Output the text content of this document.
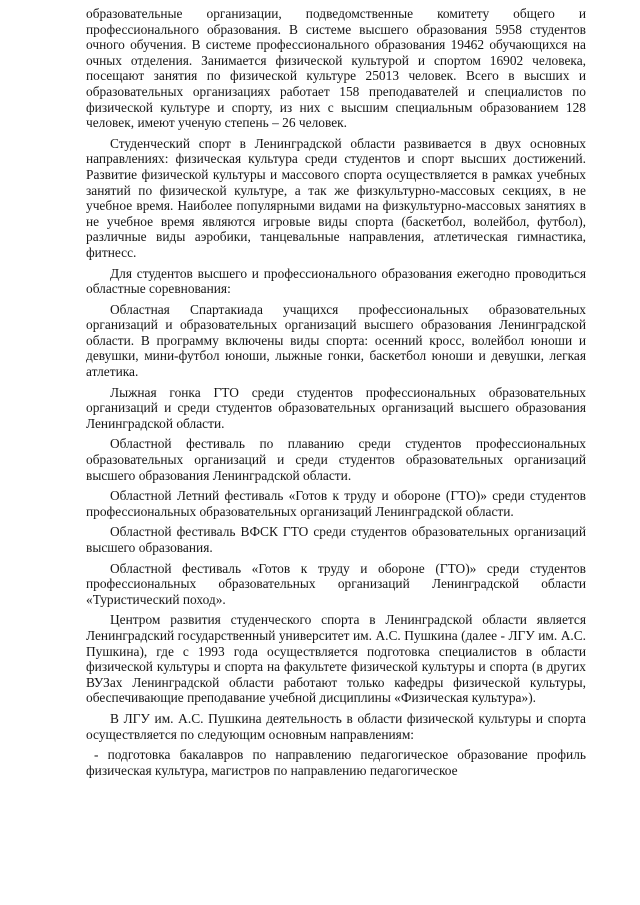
образовательные организации, подведомственные комитету общего и профессионального образования. В системе высшего образования 5958 студентов очного обучения. В системе профессионального образования 19462 обучающихся на очных отделения. Занимается физической культурой и спортом 16902 человека, посещают занятия по физической культуре 25013 человек. Всего в высших и образовательных организациях работает 158 преподавателей и специалистов по физической культуре и спорту, из них с высшим специальным образованием 128 человек, имеют ученую степень – 26 человек.

Студенческий спорт в Ленинградской области развивается в двух основных направлениях: физическая культура среди студентов и спорт высших достижений. Развитие физической культуры и массового спорта осуществляется в рамках учебных занятий по физической культуре, а так же физкультурно-массовых секциях, в не учебное время. Наиболее популярными видами на физкультурно-массовых занятиях в не учебное время являются игровые виды спорта (баскетбол, волейбол, футбол), различные виды аэробики, танцевальные направления, атлетическая гимнастика, фитнесс.

Для студентов высшего и профессионального образования ежегодно проводиться областные соревнования:

Областная Спартакиада учащихся профессиональных образовательных организаций и образовательных организаций высшего образования Ленинградской области. В программу включены виды спорта: осенний кросс, волейбол юноши и девушки, мини-футбол юноши, лыжные гонки, баскетбол юноши и девушки, легкая атлетика.

Лыжная гонка ГТО среди студентов профессиональных образовательных организаций и среди студентов образовательных организаций высшего образования Ленинградской области.

Областной фестиваль по плаванию среди студентов профессиональных образовательных организаций и среди студентов образовательных организаций высшего образования Ленинградской области.

Областной Летний фестиваль «Готов к труду и обороне (ГТО)» среди студентов профессиональных образовательных организаций Ленинградской области.

Областной фестиваль ВФСК ГТО среди студентов образовательных организаций высшего образования.

Областной фестиваль «Готов к труду и обороне (ГТО)» среди студентов профессиональных образовательных организаций Ленинградской области «Туристический поход».

Центром развития студенческого спорта в Ленинградской области является Ленинградский государственный университет им. А.С. Пушкина (далее - ЛГУ им. А.С. Пушкина), где с 1993 года осуществляется подготовка специалистов в области физической культуры и спорта на факультете физической культуры и спорта (в других ВУЗах Ленинградской области работают только кафедры физической культуры, обеспечивающие преподавание учебной дисциплины «Физическая культура»).

В ЛГУ им. А.С. Пушкина деятельность в области физической культуры и спорта осуществляется по следующим основным направлениям:

- подготовка бакалавров по направлению педагогическое образование профиль физическая культура, магистров по направлению педагогическое
